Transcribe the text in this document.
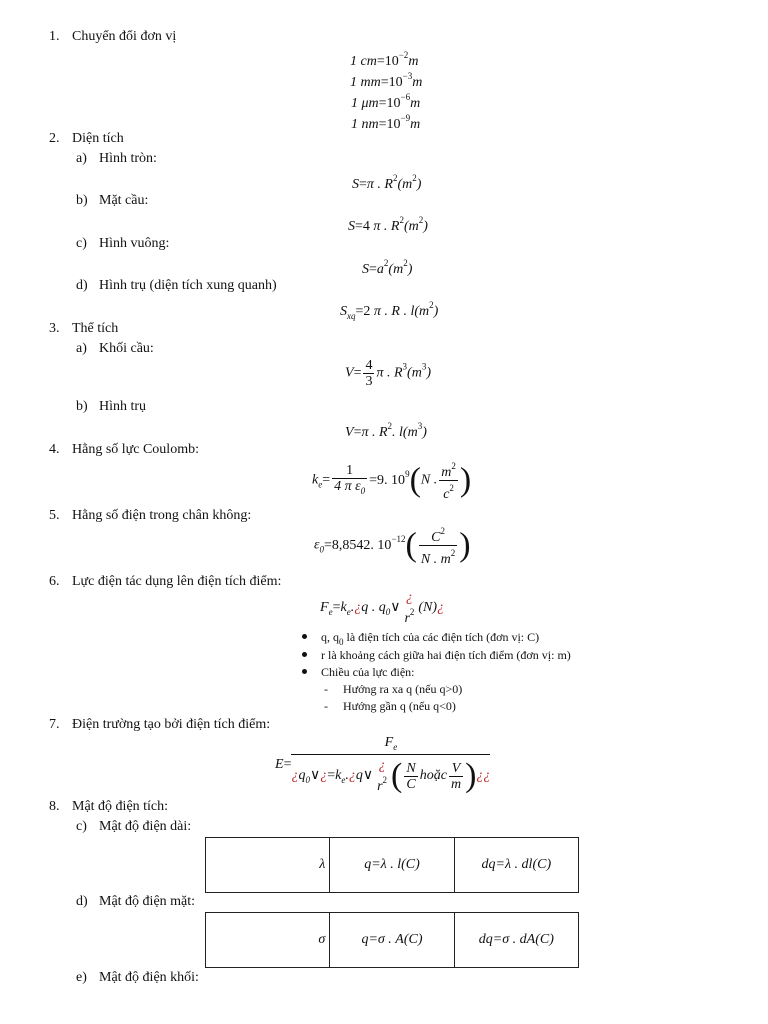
1. Chuyển đổi đơn vị
1 $cm=10^{-2}m$
1 $mm=10^{-3}m$
1 $\mu m=10^{-6}m$
1 $nm=10^{-9}m$
2. Diện tích
a) Hình tròn:
S=π . $R^2(m^2)$
b) Mặt cầu:
S=4 π . $R^2(m^2)$
c) Hình vuông:
$S=a^2(m^2)$
d) Hình trụ (diện tích xung quanh)
$S_{xq}=2$ π . R . $l(m^2)$
3. Thể tích
a) Khối cầu:
$V= \frac{4}{3}$ π . $R^3(m^3)$
b) Hình trụ
V=π . $R^2$. $l(m^3)$
4. Hằng số lực Coulomb:
$k_e= \frac{1}{4 \pi \varepsilon_0} =9$. $10^9(N$ . $\frac{m^2}{c^2}$ )
5. Hằng số điện trong chân không:
$\varepsilon_0=8,8542$. $10^{-12}( \frac{C^2}{N . m^2}$ )
6. Lực điện tác dụng lên điện tích điểm:
$F_e=k_e.¿q$ . $q_0\vee$
¿
$r^2$ (N)¿
q, $q_0$ là điện tích của các điện tích (đơn vị: C)
r là khoảng cách giữa hai điện tích điểm (đơn vị: m)
Chiều của lực điện:
-     Hướng ra xa q (nếu q>0)
-     Hướng gần q (nếu q<0)
7. Điện trường tạo bởi điện tích điểm:
E=
$F_e$
¿$q_0\vee¿=k_e.¿q\vee$
¿
$r^2$ ( $\frac{N}{C}$ hoặc $\frac{V}{m}$ )¿¿
8. Mật độ điện tích:
c) Mật độ điện dài:
λ	q=λ . l(C)	dq=λ . dl(C)
d) Mật độ điện mặt:
σ	q=σ . A(C)	dq=σ . dA(C)
e) Mật độ điện khối:
